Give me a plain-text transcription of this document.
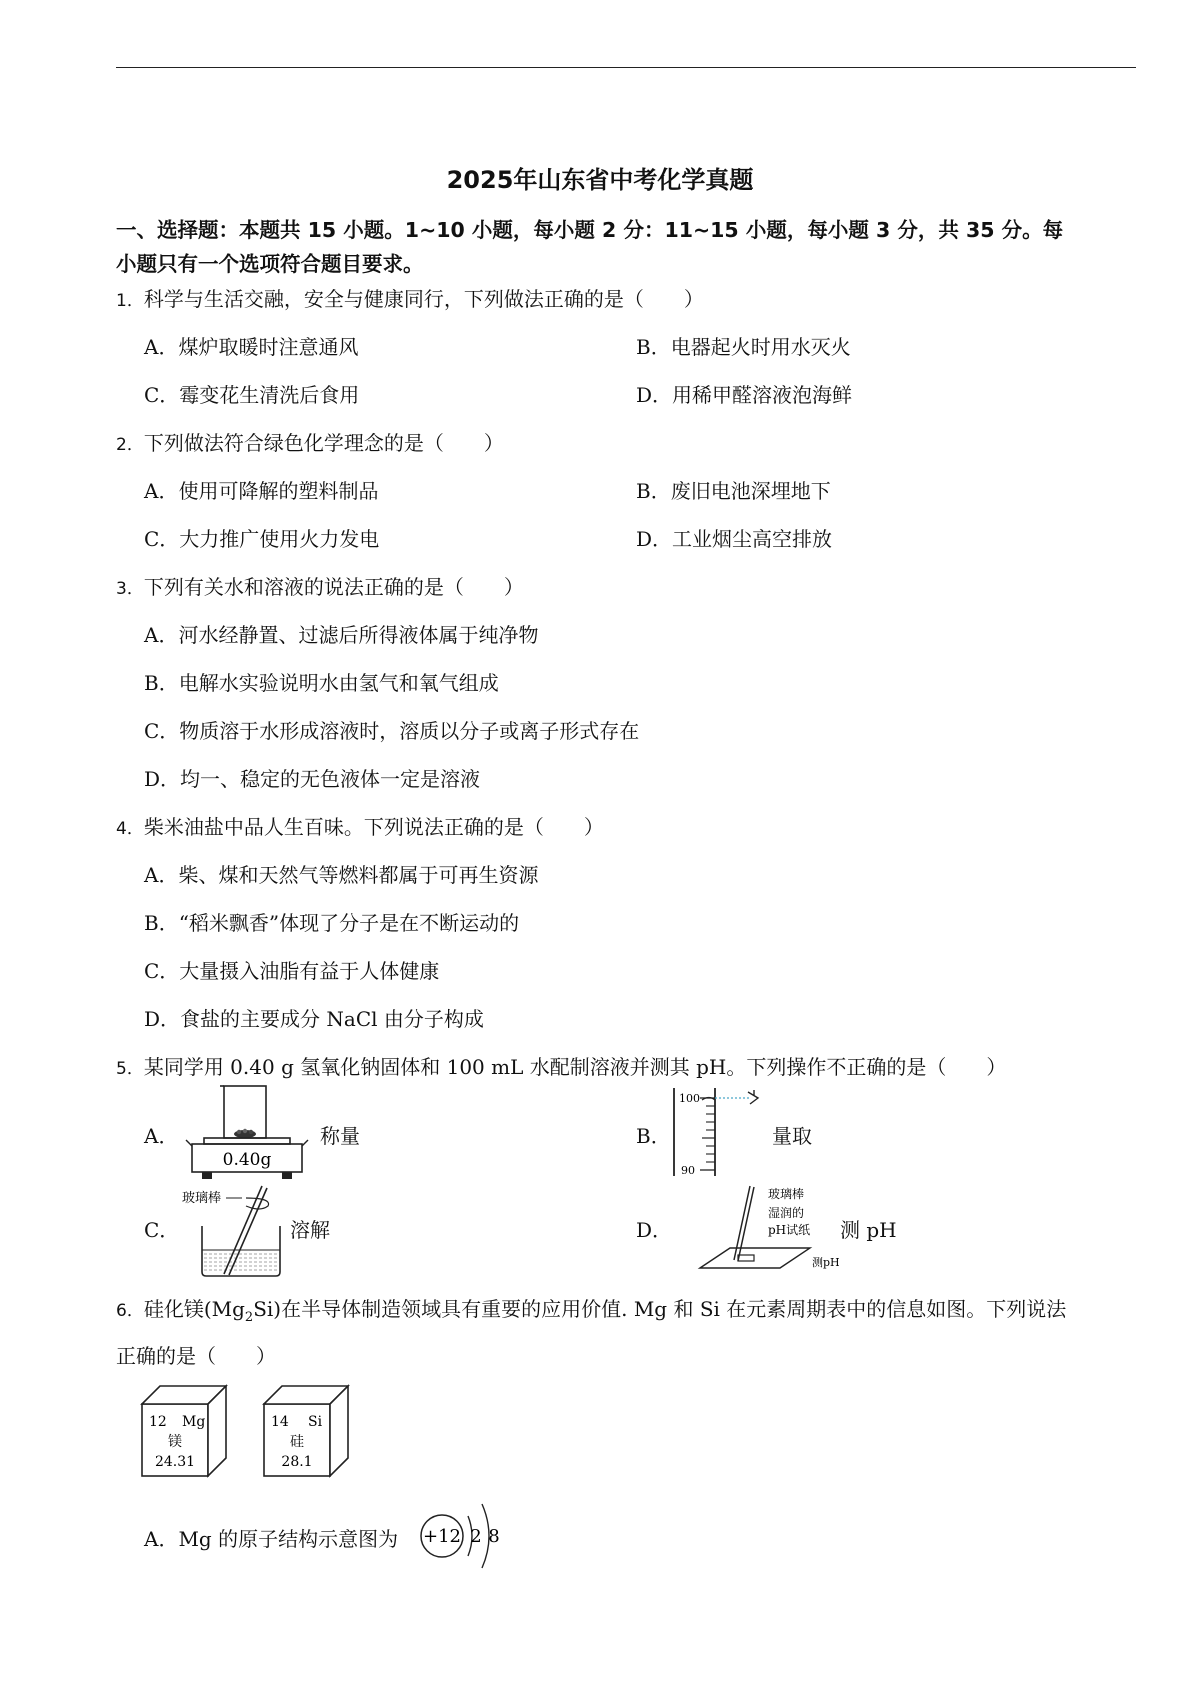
2025年山东省中考化学真题
一、选择题：本题共 15 小题。1~10 小题，每小题 2 分：11~15 小题，每小题 3 分，共 35 分。每
小题只有一个选项符合题目要求。
1．科学与生活交融，安全与健康同行，下列做法正确的是（　　）
A．煤炉取暖时注意通风	B．电器起火时用水灭火
C．霉变花生清洗后食用	D．用稀甲醛溶液泡海鲜
2．下列做法符合绿色化学理念的是（　　）
A．使用可降解的塑料制品	B．废旧电池深埋地下
C．大力推广使用火力发电	D．工业烟尘高空排放
3．下列有关水和溶液的说法正确的是（　　）
A．河水经静置、过滤后所得液体属于纯净物
B．电解水实验说明水由氢气和氧气组成
C．物质溶于水形成溶液时，溶质以分子或离子形式存在
D．均一、稳定的无色液体一定是溶液
4．柴米油盐中品人生百味。下列说法正确的是（　　）
A．柴、煤和天然气等燃料都属于可再生资源
B．“稻米飘香”体现了分子是在不断运动的
C．大量摄入油脂有益于人体健康
D．食盐的主要成分 NaCl 由分子构成
5．某同学用 0.40 g 氢氧化钠固体和 100 mL 水配制溶液并测其 pH。下列操作不正确的是（　　）
A．
0.40g
称量	B．
100
90
量取
C．
玻璃棒
溶解	D．
玻璃棒
湿润的
pH试纸
测pH
测 pH
6．硅化镁$(Mg_2Si)$在半导体制造领域具有重要的应用价值. Mg 和 Si 在元素周期表中的信息如图。下列说法
正确的是（　　）
12 Mg
镁
24.31
14 Si
硅
28.1
A．Mg 的原子结构示意图为 +12 2 8
